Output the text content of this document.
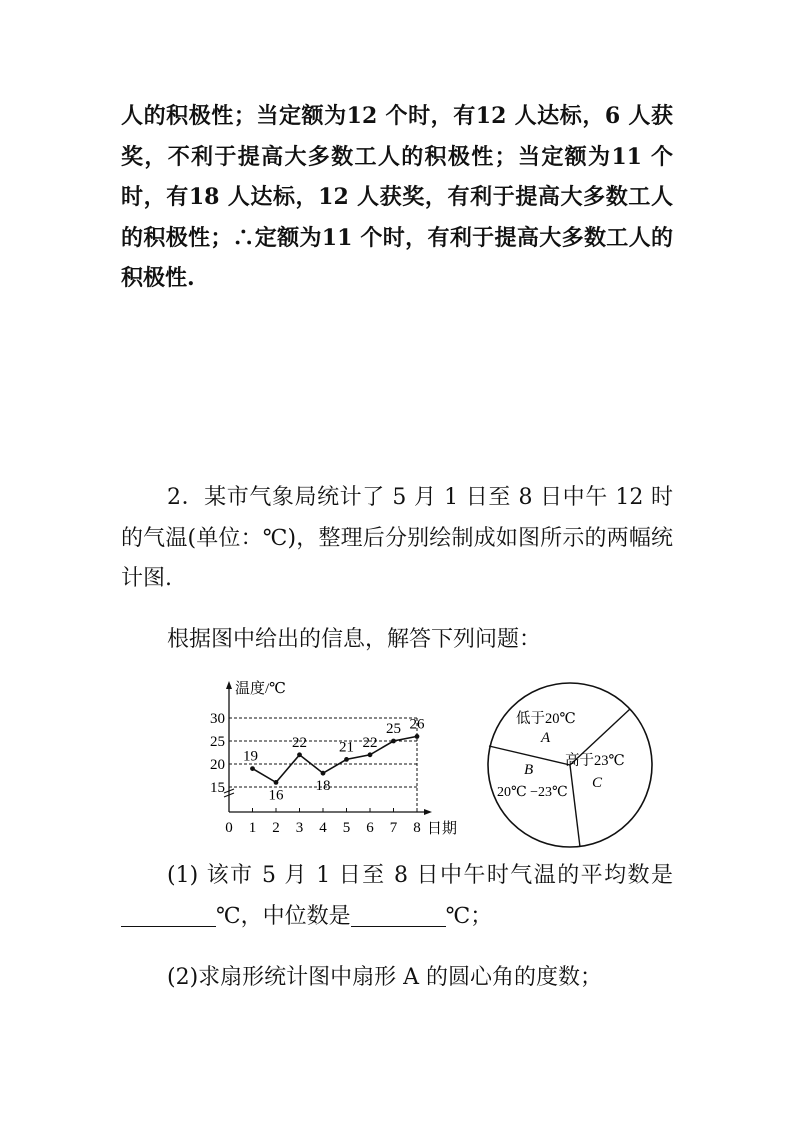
人的积极性；当定额为12 个时，有12 人达标，6 人获奖，不利于提高大多数工人的积极性；当定额为11 个时，有18 人达标，12 人获奖，有利于提高大多数工人的积极性；∴定额为11 个时，有利于提高大多数工人的积极性.

2．某市气象局统计了 5 月 1 日至 8 日中午 12 时的气温(单位：℃)，整理后分别绘制成如图所示的两幅统计图.

根据图中给出的信息，解答下列问题：

0 1 2 3 4 5 6 7 8
15
20
25
30
19
16
22
18
21 22
25 26
温度/℃
日期
低于20℃
A
B
20℃ −23℃
高于23℃
C

(1) 该市 5 月 1 日至 8 日中午时气温的平均数是℃，中位数是	℃；

(2)求扇形统计图中扇形 A 的圆心角的度数；
